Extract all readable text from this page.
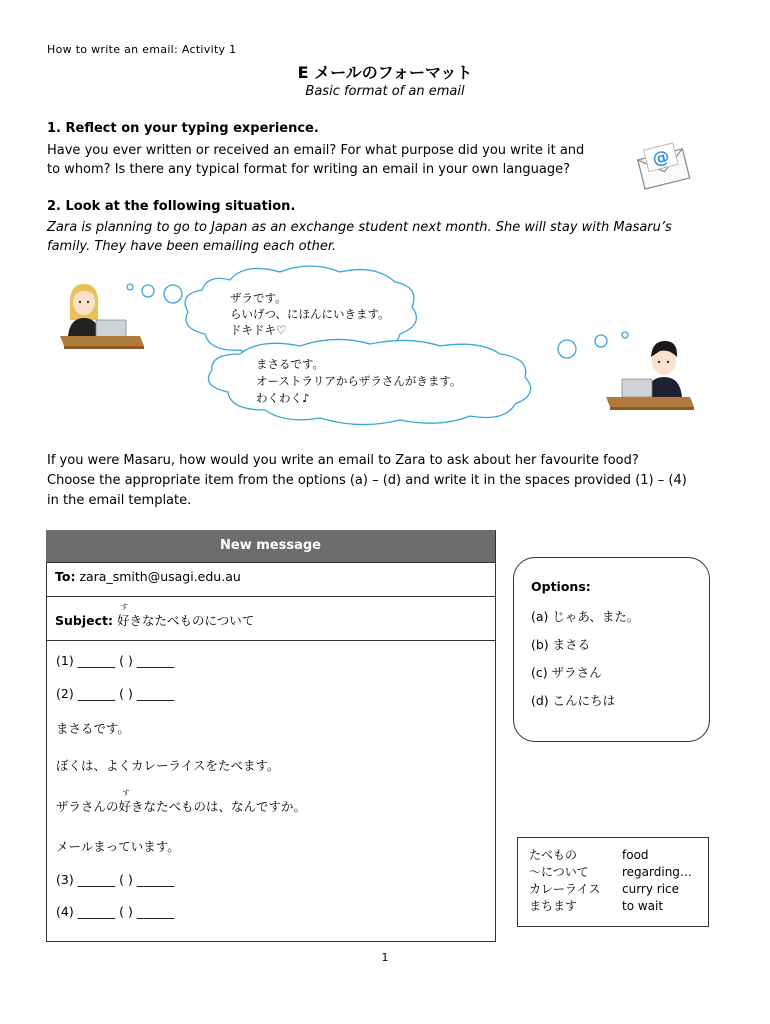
How to write an email: Activity 1
E メールのフォーマット
Basic format of an email
1. Reflect on your typing experience.
Have you ever written or received an email? For what purpose did you write it and
to whom? Is there any typical format for writing an email in your own language?	@
2. Look at the following situation.
Zara is planning to go to Japan as an exchange student next month. She will stay with Masaru’s
family. They have been emailing each other.
ザラです。
らいげつ、にほんにいきます。
ドキドキ♡
まさるです。
オーストラリアからザラさんがきます。
わくわく♪
If you were Masaru, how would you write an email to Zara to ask about her favourite food?
Choose the appropriate item from the options (a) – (d) and write it in the spaces provided (1) – (4)
in the email template.
New message
To: zara_smith@usagi.edu.au
Subject:
す
好きなたべものについて
(1) ______ ( ) ______
(2) ______ ( ) ______
まさるです。
ぼくは、よくカレーライスをたべます。
ザラさんの
す
好きなたべものは、なんですか。
メールまっています。
(3) ______ ( ) ______
(4) ______ ( ) ______
Options:
(a) じゃあ、また。
(b) まさる
(c) ザラさん
(d) こんにちは
たべもの	food
～について	regarding…
カレーライス curry rice
まちます	to wait
1
